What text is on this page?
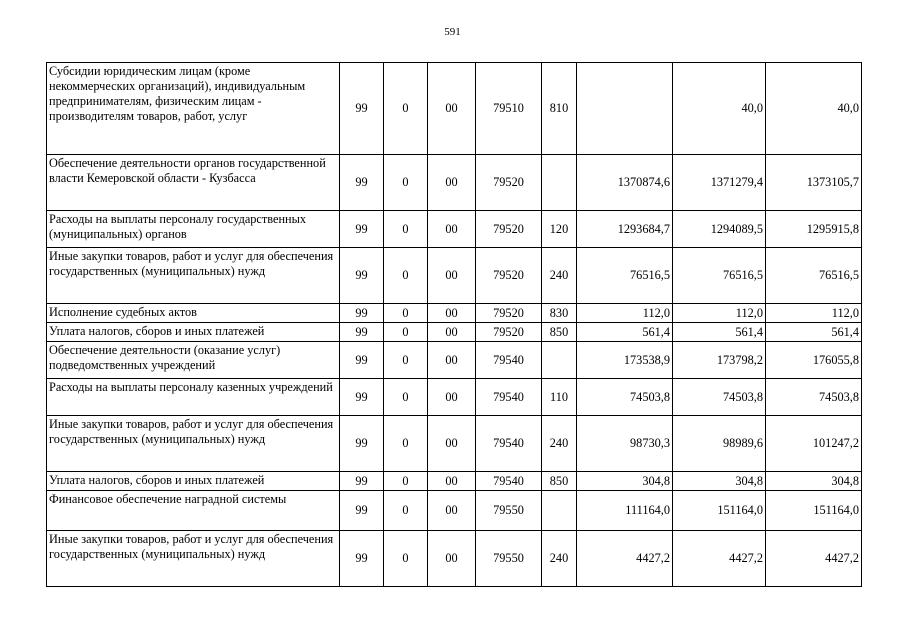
591
Субсидии юридическим лицам (кроме некоммерческих организаций), индивидуальным предпринимателям, физическим лицам - производителям товаров, работ, услуг	99	0	00	79510	810		40,0	40,0
Обеспечение деятельности органов государственной власти Кемеровской области - Кузбасса	99	0	00	79520		1370874,6	1371279,4	1373105,7
Расходы на выплаты персоналу государственных (муниципальных) органов	99	0	00	79520	120	1293684,7	1294089,5	1295915,8
Иные закупки товаров, работ и услуг для обеспечения государственных (муниципальных) нужд	99	0	00	79520	240	76516,5	76516,5	76516,5
Исполнение судебных актов	99	0	00	79520	830	112,0	112,0	112,0
Уплата налогов, сборов и иных платежей	99	0	00	79520	850	561,4	561,4	561,4
Обеспечение деятельности (оказание услуг) подведомственных учреждений	99	0	00	79540		173538,9	173798,2	176055,8
Расходы на выплаты персоналу казенных учреждений	99	0	00	79540	110	74503,8	74503,8	74503,8
Иные закупки товаров, работ и услуг для обеспечения государственных (муниципальных) нужд	99	0	00	79540	240	98730,3	98989,6	101247,2
Уплата налогов, сборов и иных платежей	99	0	00	79540	850	304,8	304,8	304,8
Финансовое обеспечение наградной системы	99	0	00	79550		111164,0	151164,0	151164,0
Иные закупки товаров, работ и услуг для обеспечения государственных (муниципальных) нужд	99	0	00	79550	240	4427,2	4427,2	4427,2
